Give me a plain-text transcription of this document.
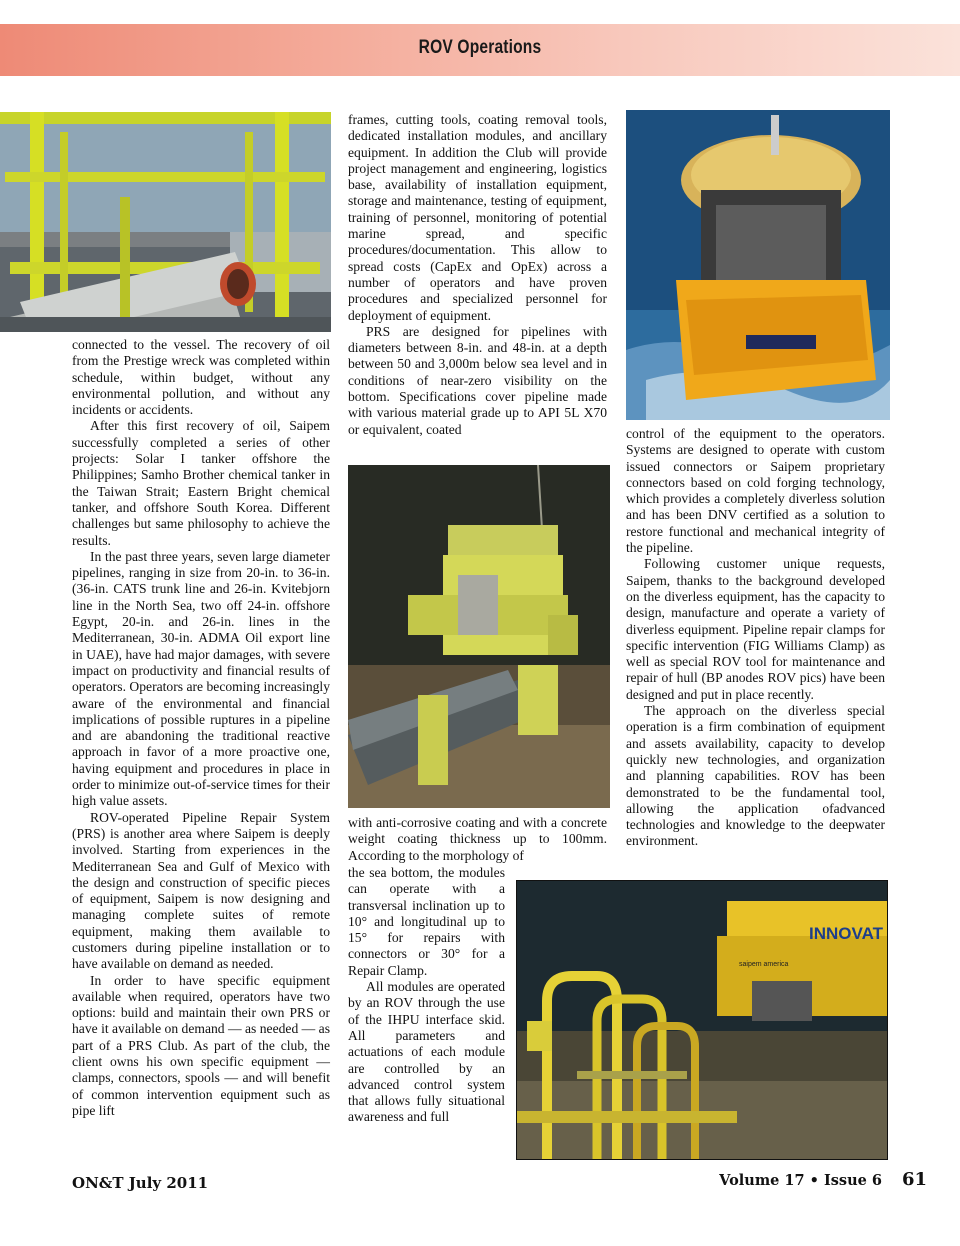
ROV Operations
INNOVAT
saipem america

connected to the vessel. The recovery of oil from the Prestige wreck was completed within schedule, within budget, without any environmental pollution, and without any incidents or accidents.

After this first recovery of oil, Saipem successfully completed a series of other projects: Solar I tanker offshore the Philippines; Samho Brother chemical tanker in the Taiwan Strait; Eastern Bright chemical tanker, and offshore South Korea. Different challenges but same philosophy to achieve the results.

In the past three years, seven large diameter pipelines, ranging in size from 20-in. to 36-in. (36-in. CATS trunk line and 26-in. Kvitebjorn line in the North Sea, two off 24-in. offshore Egypt, 20-in. and 26-in. lines in the Mediterranean, 30-in. ADMA Oil export line in UAE), have had major damages, with severe impact on productivity and financial results of operators. Operators are becoming increasingly aware of the environmental and financial implications of possible ruptures in a pipeline and are abandoning the traditional reactive approach in favor of a more proactive one, having equipment and procedures in place in order to minimize out-of-service times for their high value assets.

ROV-operated Pipeline Repair System (PRS) is another area where Saipem is deeply involved. Starting from experiences in the Mediterranean Sea and Gulf of Mexico with the design and construction of specific pieces of equipment, Saipem is now designing and managing complete suites of remote equipment, making them available to customers during pipeline installation or to have available on demand as needed.

In order to have specific equipment available when required, operators have two options: build and maintain their own PRS or have it available on demand — as needed — as part of a PRS Club. As part of the club, the client owns his own specific equipment — clamps, connectors, spools — and will benefit of common intervention equipment such as pipe lift

frames, cutting tools, coating removal tools, dedicated installation modules, and ancillary equipment. In addition the Club will provide project management and engineering, logistics base, availability of installation equipment, storage and maintenance, testing of equipment, training of personnel, monitoring of potential marine spread, and specific procedures/documentation. This allow to spread costs (CapEx and OpEx) across a number of operators and have proven procedures and specialized personnel for deployment of equipment.

PRS are designed for pipelines with diameters between 8-in. and 48-in. at a depth between 50 and 3,000m below sea level and in conditions of near-zero visibility on the bottom. Specifications cover pipeline made with various material grade up to API 5L X70 or equivalent, coated

with anti-corrosive coating and with a concrete weight coating thickness up to 100mm. According to the morphology of

the sea bottom, the modules can operate with a transversal inclination up to 10° and longitudinal up to 15° for repairs with connectors or 30° for a Repair Clamp.

All modules are operated by an ROV through the use of the IHPU interface skid. All parameters and actuations of each module are controlled by an advanced control system that allows fully situational awareness and full

control of the equipment to the operators. Systems are designed to operate with custom issued connectors or Saipem proprietary connectors based on cold forging technology, which provides a completely diverless solution and has been DNV certified as a solution to restore functional and mechanical integrity of the pipeline.

Following customer unique requests, Saipem, thanks to the background developed on the diverless equipment, has the capacity to design, manufacture and operate a variety of diverless equipment. Pipeline repair clamps for specific intervention (FIG Williams Clamp) as well as special ROV tool for maintenance and repair of hull (BP anodes ROV pics) have been designed and put in place recently.

The approach on the diverless special operation is a firm combination of equipment and assets availability, capacity to develop quickly new technologies, and organization and planning capabilities. ROV has been demonstrated to be the fundamental tool, allowing the application ofadvanced technologies and knowledge to the deepwater environment.

ON&T July 2011	Volume 17 • Issue 6 61
